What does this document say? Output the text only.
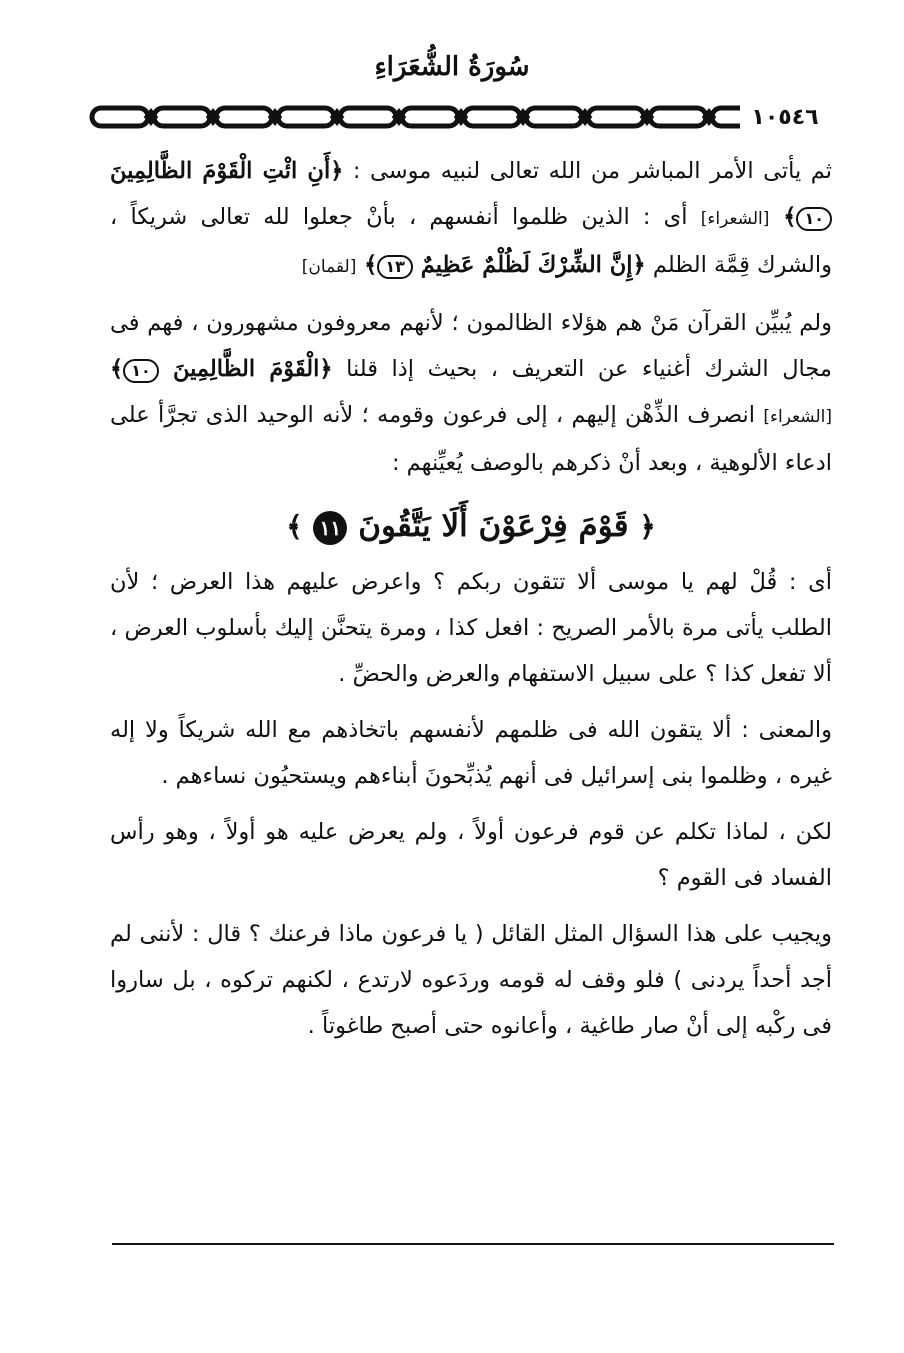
سُورَةُ الشُّعَرَاءِ
١٠٥٤٦

ثم يأتى الأمر المباشر من الله تعالى لنبيه موسى : ﴿أَنِ ائْتِ الْقَوْمَ الظَّالِمِينَ ١٠﴾ [الشعراء] أى : الذين ظلموا أنفسهم ، بأنْ جعلوا لله تعالى شريكاً ، والشرك قِمَّة الظلم ﴿إِنَّ الشِّرْكَ لَظُلْمٌ عَظِيمٌ ١٣﴾ [لقمان]

ولم يُبيِّن القرآن مَنْ هم هؤلاء الظالمون ؛ لأنهم معروفون مشهورون ، فهم فى مجال الشرك أغنياء عن التعريف ، بحيث إذا قلنا ﴿الْقَوْمَ الظَّالِمِينَ ١٠﴾ [الشعراء] انصرف الذِّهْن إليهم ، إلى فرعون وقومه ؛ لأنه الوحيد الذى تجرَّأ على ادعاء الألوهية ، وبعد أنْ ذكرهم بالوصف يُعيِّنهم :

﴿ قَوْمَ فِرْعَوْنَ أَلَا يَتَّقُونَ ١١ ﴾

أى : قُلْ لهم يا موسى ألا تتقون ربكم ؟ واعرض عليهم هذا العرض ؛ لأن الطلب يأتى مرة بالأمر الصريح : افعل كذا ، ومرة يتحنَّن إليك بأسلوب العرض ، ألا تفعل كذا ؟ على سبيل الاستفهام والعرض والحضِّ .

والمعنى : ألا يتقون الله فى ظلمهم لأنفسهم باتخاذهم مع الله شريكاً ولا إله غيره ، وظلموا بنى إسرائيل فى أنهم يُذبِّحونَ أبناءهم ويستحيُون نساءهم .

لكن ، لماذا تكلم عن قوم فرعون أولاً ، ولم يعرض عليه هو أولاً ، وهو رأس الفساد فى القوم ؟

ويجيب على هذا السؤال المثل القائل ( يا فرعون ماذا فرعنك ؟ قال : لأننى لم أجد أحداً يردنى ) فلو وقف له قومه وردَعوه لارتدع ، لكنهم تركوه ، بل ساروا فى ركْبه إلى أنْ صار طاغية ، وأعانوه حتى أصبح طاغوتاً .
